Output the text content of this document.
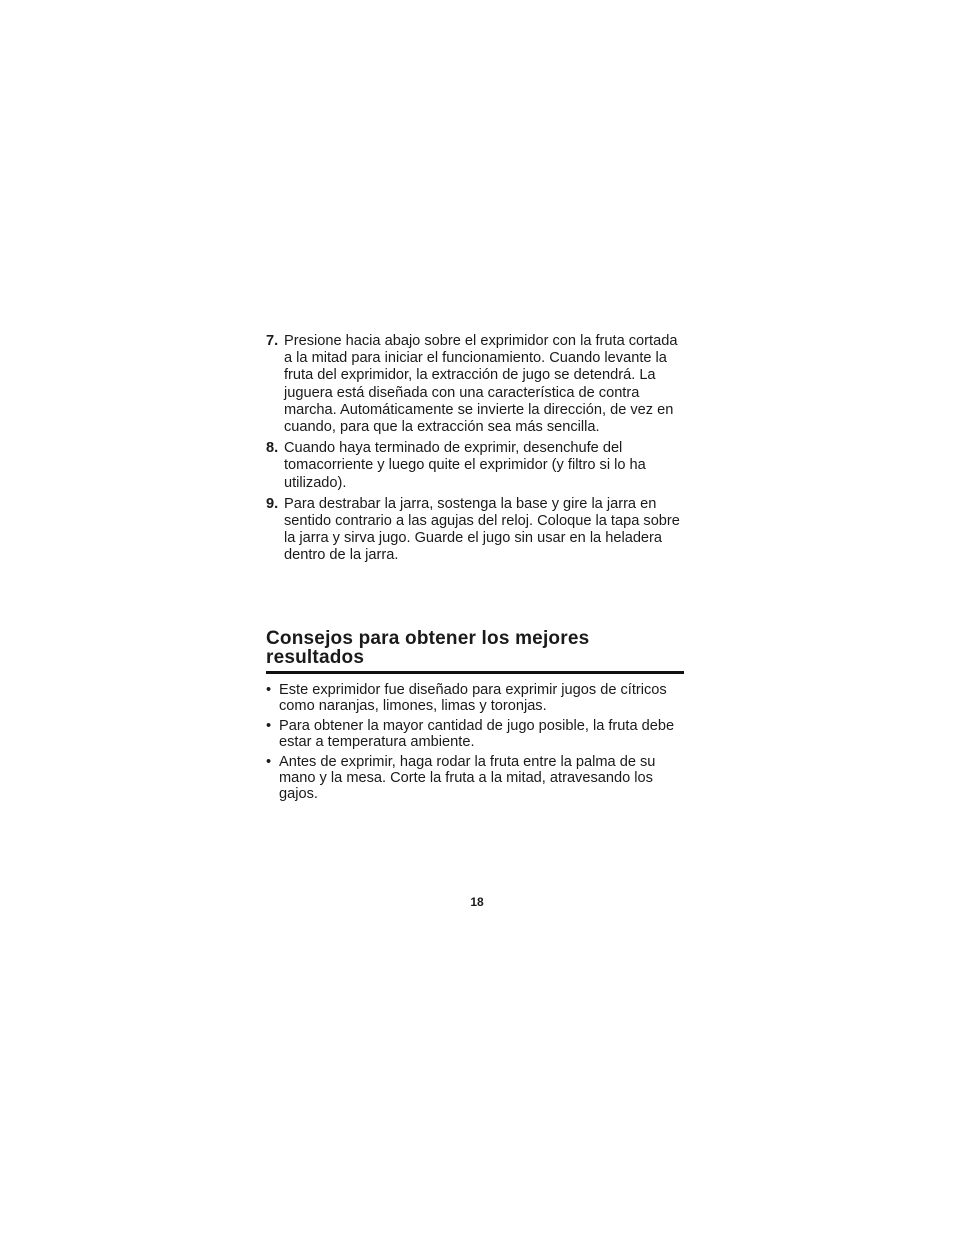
7. Presione hacia abajo sobre el exprimidor con la fruta cortada a la mitad para iniciar el funcionamiento. Cuando levante la fruta del exprimidor, la extracción de jugo se detendrá. La juguera está diseñada con una característica de contra marcha. Automáticamente se invierte la dirección, de vez en cuando, para que la extracción sea más sencilla.
8. Cuando haya terminado de exprimir, desenchufe del tomacorriente y luego quite el exprimidor (y filtro si lo ha utilizado).
9. Para destrabar la jarra, sostenga la base y gire la jarra en sentido contrario a las agujas del reloj. Coloque la tapa sobre la jarra y sirva jugo. Guarde el jugo sin usar en la heladera dentro de la jarra.
Consejos para obtener los mejores resultados
• Este exprimidor fue diseñado para exprimir jugos de cítricos como naranjas, limones, limas y toronjas.
• Para obtener la mayor cantidad de jugo posible, la fruta debe estar a temperatura ambiente.
• Antes de exprimir, haga rodar la fruta entre la palma de su mano y la mesa. Corte la fruta a la mitad, atravesando los gajos.
18
